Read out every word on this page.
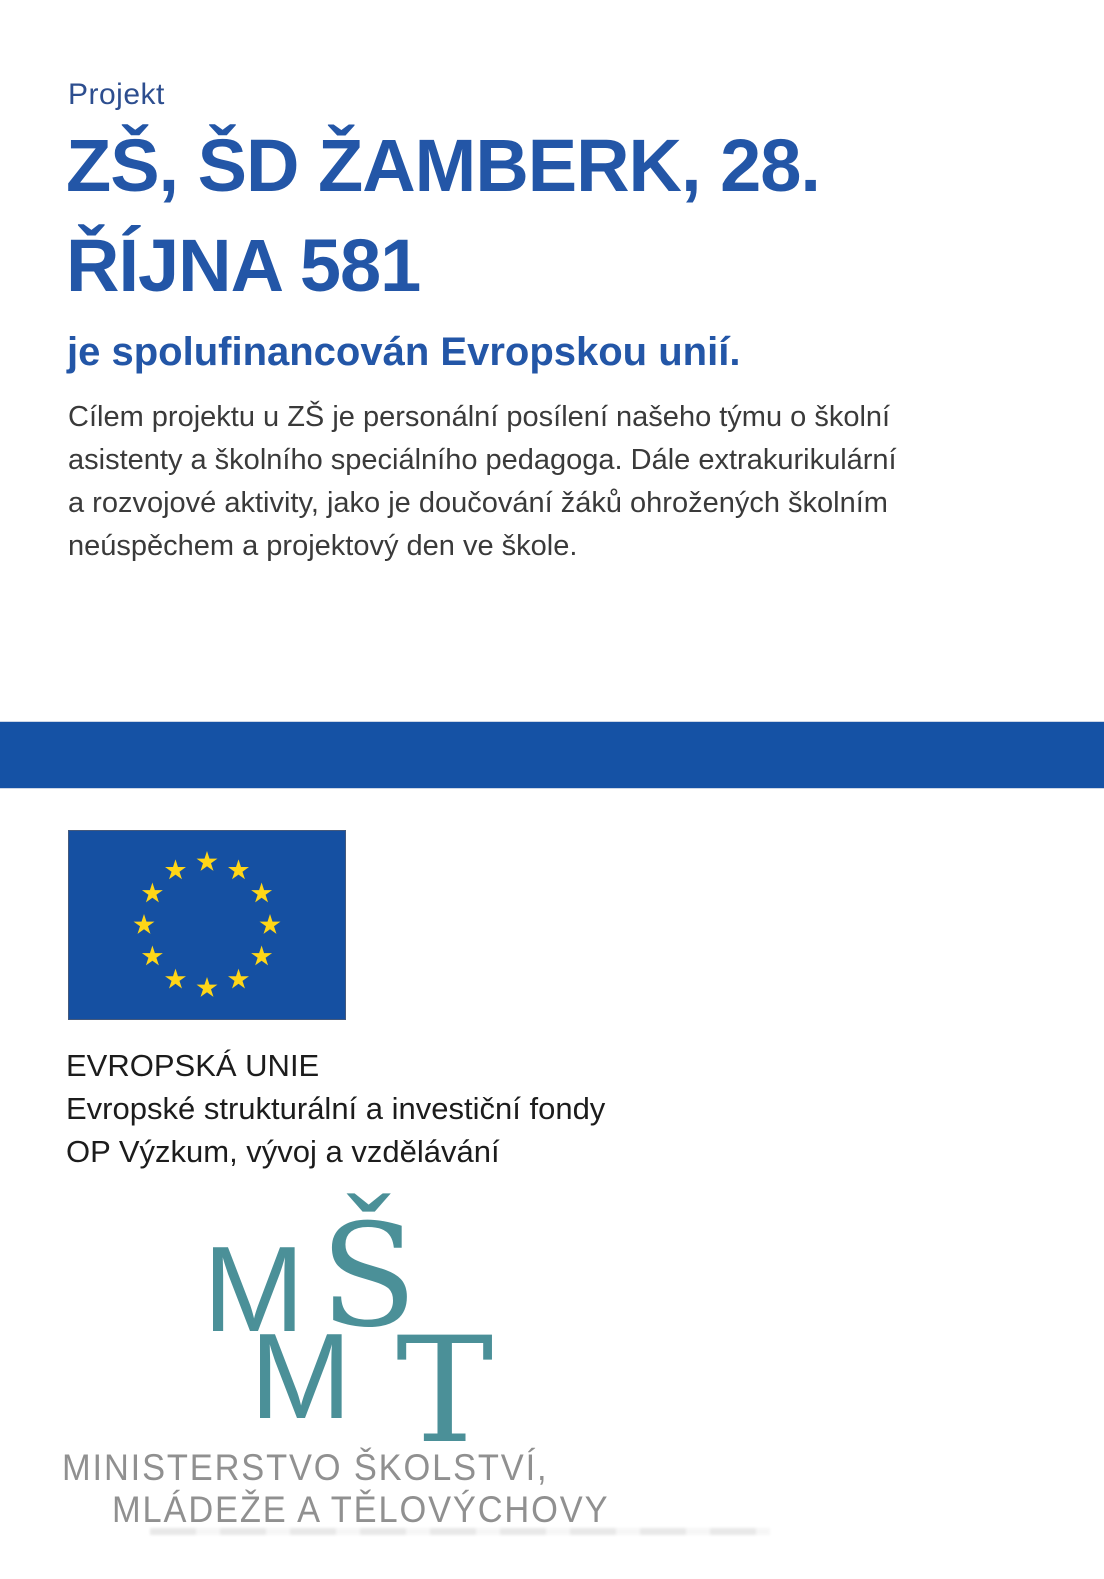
Projekt
ZŠ, ŠD ŽAMBERK, 28.
ŘÍJNA 581
je spolufinancován Evropskou unií.
Cílem projektu u ZŠ je personální posílení našeho týmu o školní
asistenty a školního speciálního pedagoga. Dále extrakurikulární
a rozvojové aktivity, jako je doučování žáků ohrožených školním
neúspěchem a projektový den ve škole.
EVROPSKÁ UNIE
Evropské strukturální a investiční fondy
OP Výzkum, vývoj a vzdělávání
M Š
M T
MINISTERSTVO ŠKOLSTVÍ,
MLÁDEŽE A TĚLOVÝCHOVY
